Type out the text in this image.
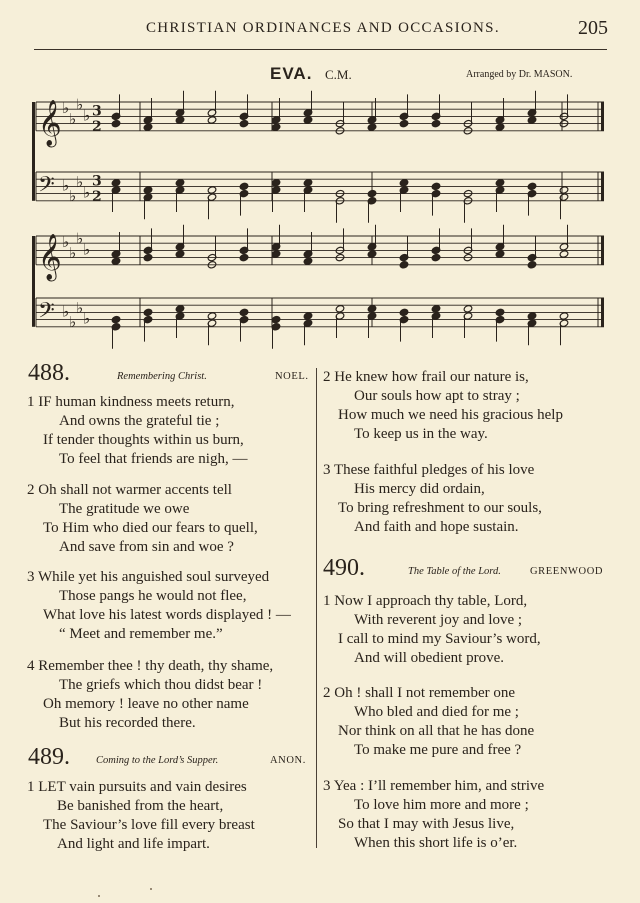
CHRISTIAN ORDINANCES AND OCCASIONS.	205
EVA. C.M.	Arranged by Dr. MASON.
𝄞 ♭
♭
♭
♭ 3
2
𝄢 ♭
♭
♭
♭
3
2
𝄞 ♭
♭
♭
♭
𝄢 ♭
♭
♭
♭
488.	Remembering Christ.	NOEL.
1 IF human kindness meets return,
And owns the grateful tie ;
If tender thoughts within us burn,
To feel that friends are nigh, —
2 Oh shall not warmer accents tell
The gratitude we owe
To Him who died our fears to quell,
And save from sin and woe ?
3 While yet his anguished soul surveyed
Those pangs he would not flee,
What love his latest words displayed ! —
“ Meet and remember me.”
4 Remember thee ! thy death, thy shame,
The griefs which thou didst bear !
Oh memory ! leave no other name
But his recorded there.
489. Coming to the Lord’s Supper.	ANON.
1 LET vain pursuits and vain desires
Be banished from the heart,
The Saviour’s love fill every breast
And light and life impart.
2 He knew how frail our nature is,
Our souls how apt to stray ;
How much we need his gracious help
To keep us in the way.
3 These faithful pledges of his love
His mercy did ordain,
To bring refreshment to our souls,
And faith and hope sustain.
490.	The Table of the Lord.	GREENWOOD
1 Now I approach thy table, Lord,
With reverent joy and love ;
I call to mind my Saviour’s word,
And will obedient prove.
2 Oh ! shall I not remember one
Who bled and died for me ;
Nor think on all that he has done
To make me pure and free ?
3 Yea : I’ll remember him, and strive
To love him more and more ;
So that I may with Jesus live,
When this short life is o’er.
